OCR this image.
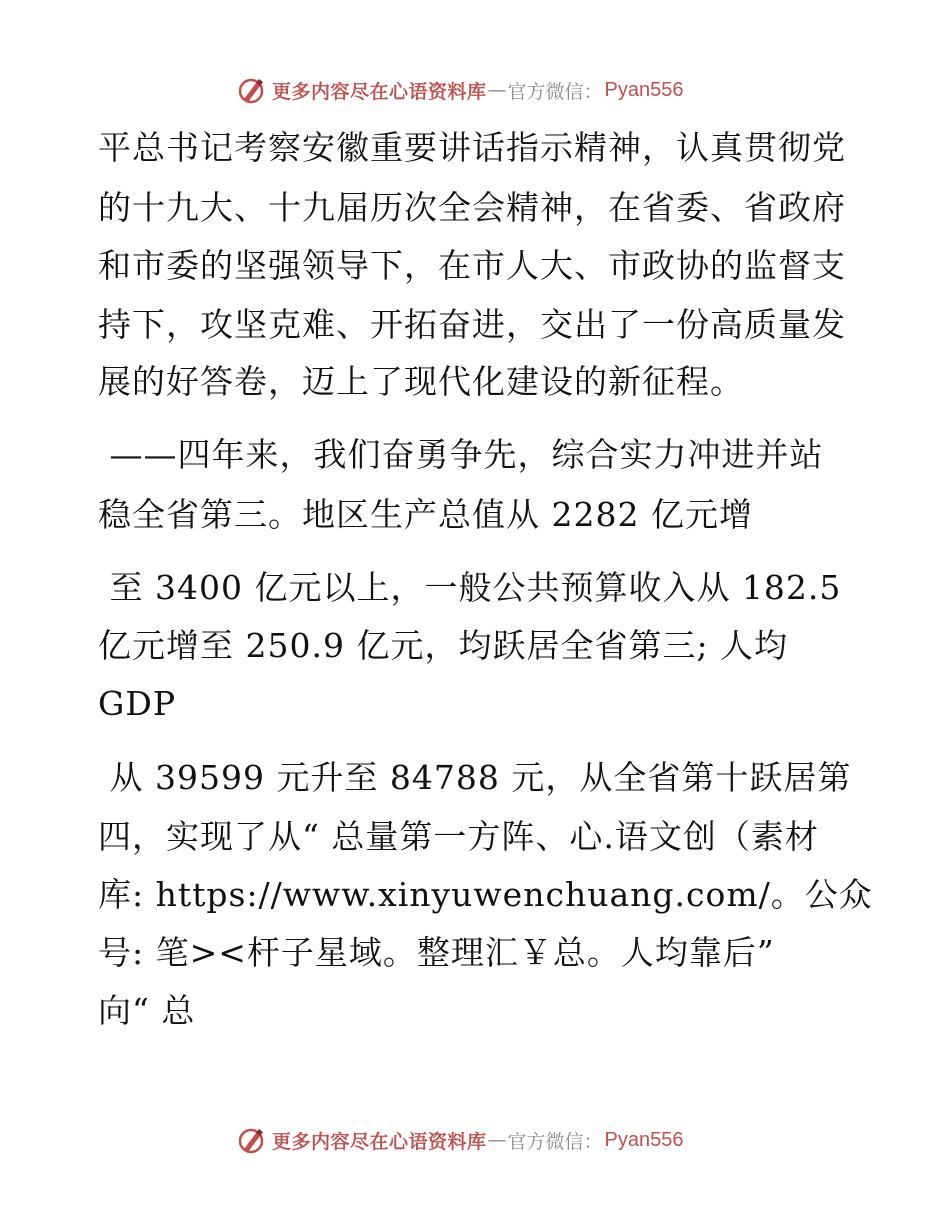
更多内容尽在心语资料库 — 官方微信： Pyan556
平总书记考察安徽重要讲话指示精神，认真贯彻党
的十九大、十九届历次全会精神，在省委、省政府
和市委的坚强领导下，在市人大、市政协的监督支
持下，攻坚克难、开拓奋进，交出了一份高质量发
展的好答卷，迈上了现代化建设的新征程。
——四年来，我们奋勇争先，综合实力冲进并站
稳全省第三。地区生产总值从 2282 亿元增
至 3400 亿元以上，一般公共预算收入从 182.5
亿元增至 250.9 亿元，均跃居全省第三; 人均
GDP
从 39599 元升至 84788 元，从全省第十跃居第
四，实现了从“ 总量第一方阵、心.语文创（素材
库: https://www.xinyuwenchuang.com/。公众
号: 笔><杆子星域。整理汇￥总。人均靠后”
向“ 总
更多内容尽在心语资料库 — 官方微信： Pyan556
